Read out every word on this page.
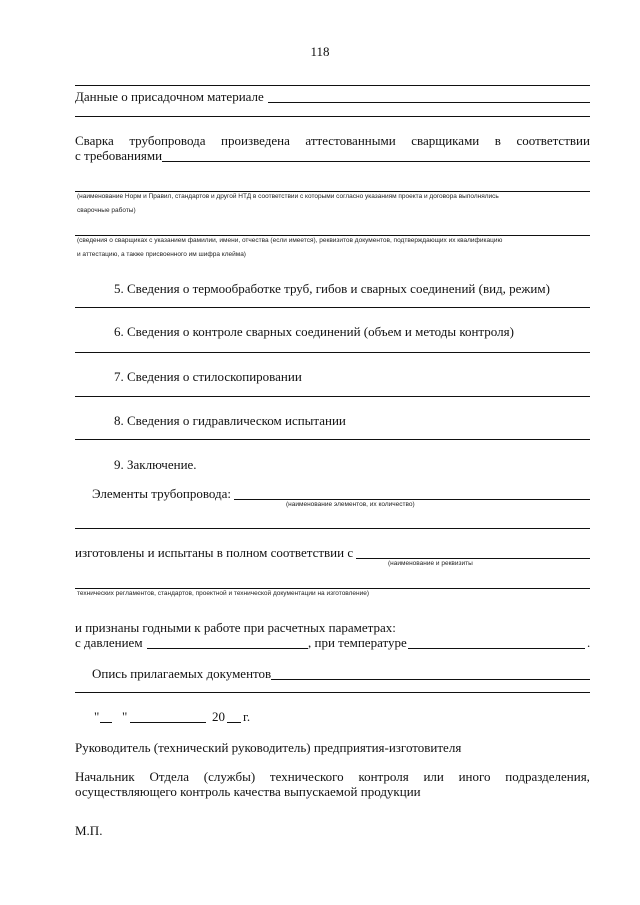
118
Данные о присадочном материале
Сварка трубопровода произведена аттестованными сварщиками в соответствии
с требованиями
(наименование Норм и Правил, стандартов и другой НТД в соответствии с которыми согласно указаниям проекта и договора выполнялись
сварочные работы)
(сведения о сварщиках с указанием фамилии, имени, отчества (если имеется), реквизитов документов, подтверждающих их квалификацию
и аттестацию, а также присвоенного им шифра клейма)
5. Сведения о термообработке труб, гибов и сварных соединений (вид, режим)
6. Сведения о контроле сварных соединений (объем и методы контроля)
7. Сведения о стилоскопировании
8. Сведения о гидравлическом испытании
9. Заключение.
Элементы трубопровода:
(наименование элементов, их количество)
изготовлены и испытаны в полном соответствии с
(наименование и реквизиты
технических регламентов, стандартов, проектной и технической документации на изготовление)
и признаны годными к работе при расчетных параметрах:
с давлением	, при температуре	.
Опись прилагаемых документов
" "	20 г.
Руководитель (технический руководитель) предприятия-изготовителя
Начальник Отдела (службы) технического контроля или иного подразделения,
осуществляющего контроль качества выпускаемой продукции
М.П.
